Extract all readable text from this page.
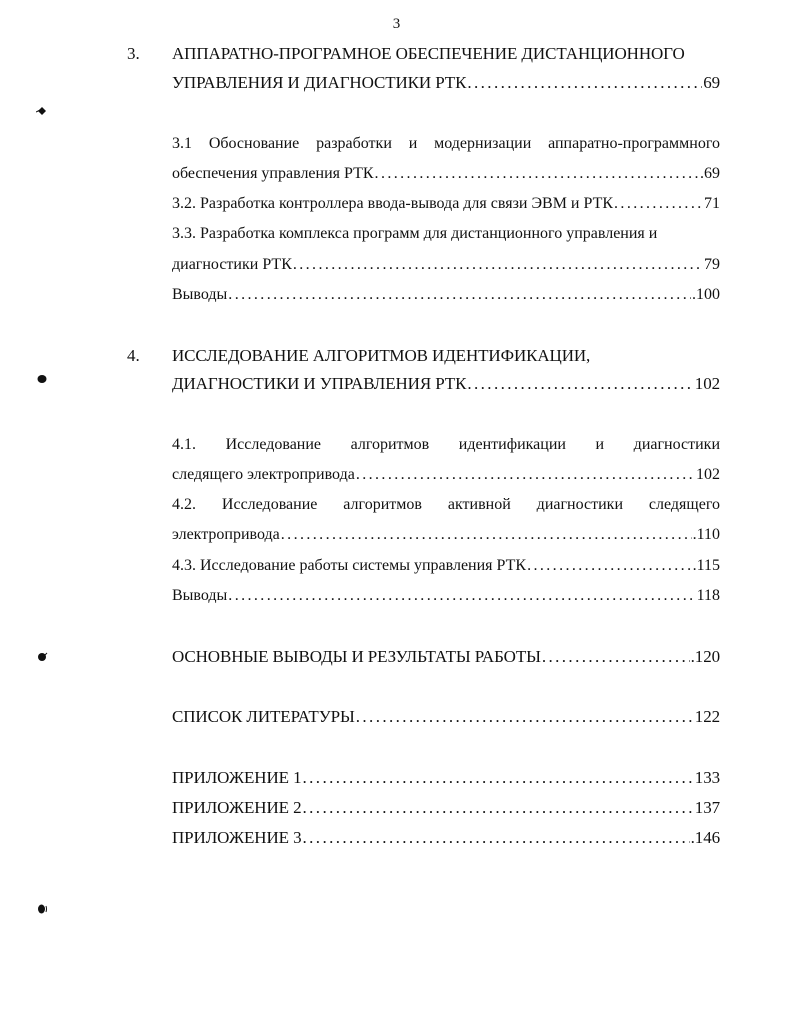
3
3. АППАРАТНО-ПРОГРАМНОЕ ОБЕСПЕЧЕНИЕ ДИСТАНЦИОННОГО
УПРАВЛЕНИЯ И ДИАГНОСТИКИ РТК .....	69
3.1 Обоснование разработки и модернизации аппаратно-программного
обеспечения управления РТК .....	.69
3.2. Разработка контроллера ввода-вывода для связи ЭВМ и РТК .....	71
3.3. Разработка комплекса программ для дистанционного управления и
диагностики РТК .....	79
Выводы .....	.100
4. ИССЛЕДОВАНИЕ АЛГОРИТМОВ ИДЕНТИФИКАЦИИ,
ДИАГНОСТИКИ И УПРАВЛЕНИЯ РТК .....	102
4.1. Исследование алгоритмов идентификации и диагностики
следящего электропривода .....	102
4.2. Исследование алгоритмов активной диагностики следящего
электропривода .....	.110
4.3. Исследование работы системы управления РТК .....	.115
Выводы .....	118
ОСНОВНЫЕ ВЫВОДЫ И РЕЗУЛЬТАТЫ РАБОТЫ .....	.120
СПИСОК ЛИТЕРАТУРЫ .....	122
ПРИЛОЖЕНИЕ 1 .....	133
ПРИЛОЖЕНИЕ 2 .....	137
ПРИЛОЖЕНИЕ 3 .....	.146
